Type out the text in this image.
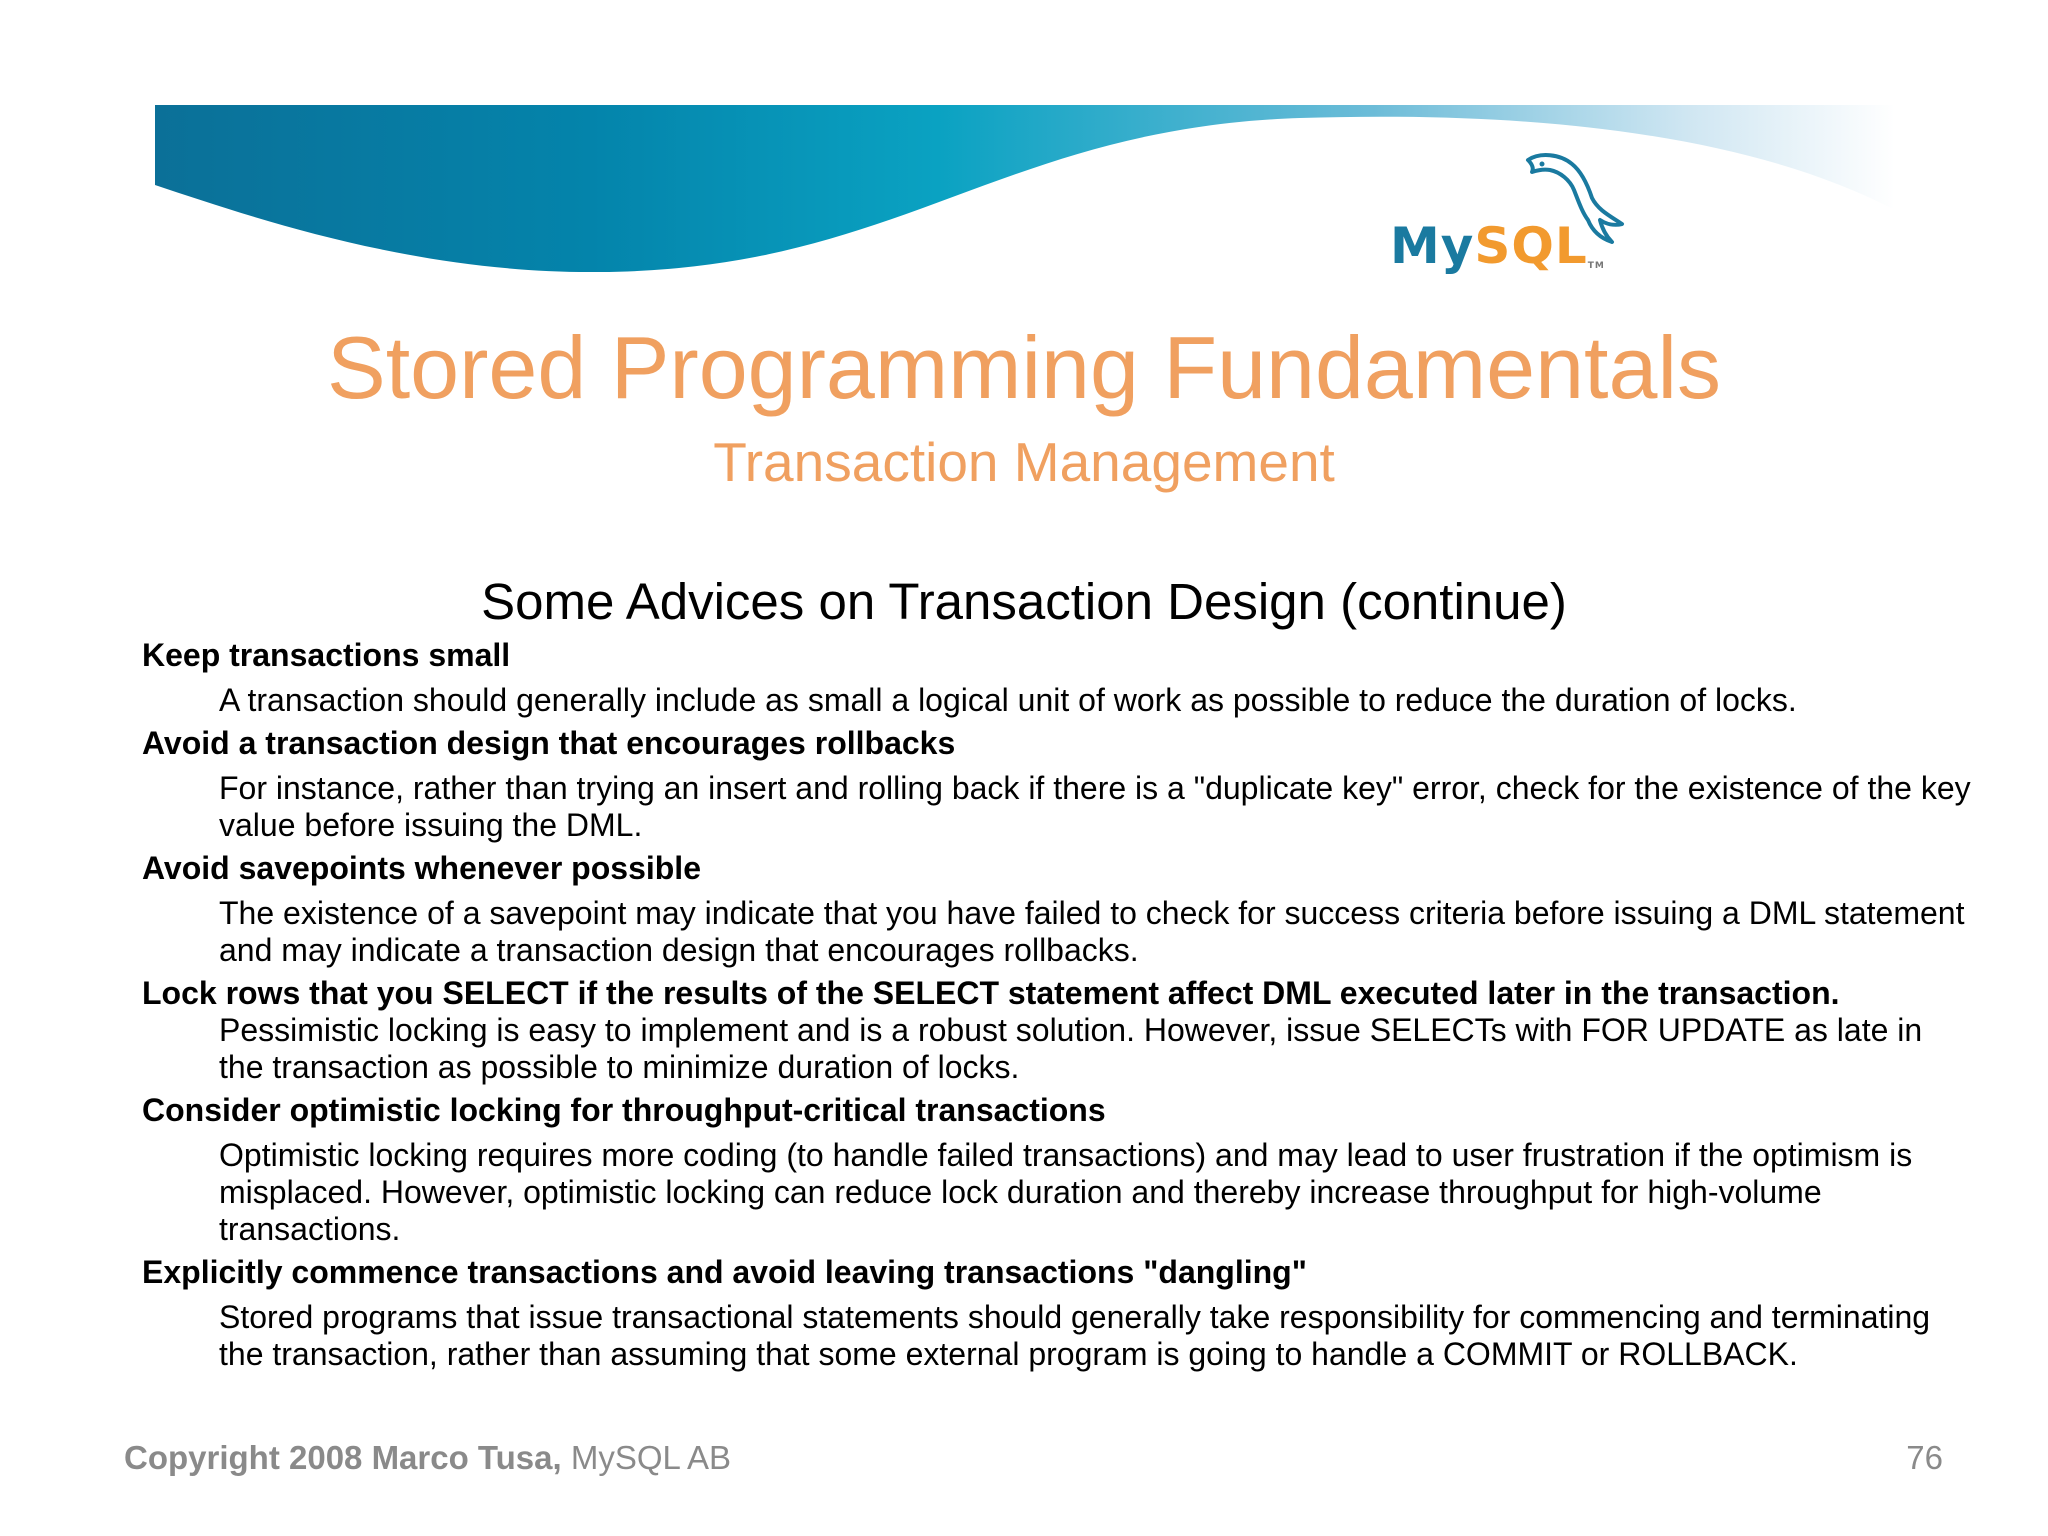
MySQL™
Stored Programming Fundamentals
Transaction Management
Some Advices on Transaction Design (continue)
Keep transactions small
A transaction should generally include as small a logical unit of work as possible to reduce the duration of locks.
Avoid a transaction design that encourages rollbacks
For instance, rather than trying an insert and rolling back if there is a "duplicate key" error, check for the existence of the key value before issuing the DML.
Avoid savepoints whenever possible
The existence of a savepoint may indicate that you have failed to check for success criteria before issuing a DML statement and may indicate a transaction design that encourages rollbacks.
Lock rows that you SELECT if the results of the SELECT statement affect DML executed later in the transaction. Pessimistic locking is easy to implement and is a robust solution. However, issue SELECTs with FOR UPDATE as late in the transaction as possible to minimize duration of locks.
Consider optimistic locking for throughput-critical transactions
Optimistic locking requires more coding (to handle failed transactions) and may lead to user frustration if the optimism is misplaced. However, optimistic locking can reduce lock duration and thereby increase throughput for high-volume transactions.
Explicitly commence transactions and avoid leaving transactions "dangling"
Stored programs that issue transactional statements should generally take responsibility for commencing and terminating the transaction, rather than assuming that some external program is going to handle a COMMIT or ROLLBACK.
Copyright 2008 Marco Tusa, MySQL AB	76
